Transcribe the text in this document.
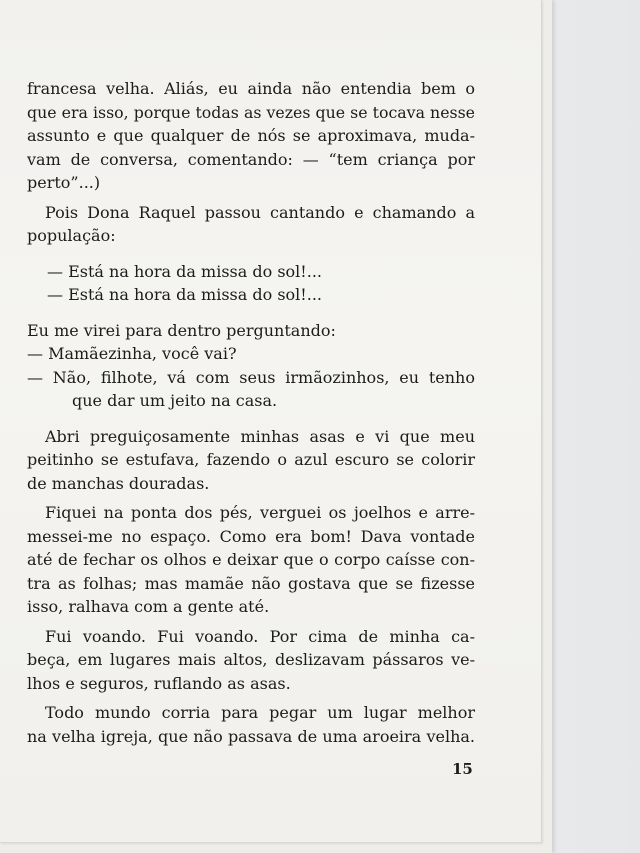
francesa velha. Aliás, eu ainda não entendia bem o
que era isso, porque todas as vezes que se tocava nesse
assunto e que qualquer de nós se aproximava, muda-
vam de conversa, comentando: — “tem criança por
perto”...)
Pois Dona Raquel passou cantando e chamando a
população:
— Está na hora da missa do sol!...
— Está na hora da missa do sol!...
Eu me virei para dentro perguntando:
— Mamãezinha, você vai?
— Não, filhote, vá com seus irmãozinhos, eu tenho
que dar um jeito na casa.
Abri preguiçosamente minhas asas e vi que meu
peitinho se estufava, fazendo o azul escuro se colorir
de manchas douradas.
Fiquei na ponta dos pés, verguei os joelhos e arre-
messei-me no espaço. Como era bom! Dava vontade
até de fechar os olhos e deixar que o corpo caísse con-
tra as folhas; mas mamãe não gostava que se fizesse
isso, ralhava com a gente até.
Fui voando. Fui voando. Por cima de minha ca-
beça, em lugares mais altos, deslizavam pássaros ve-
lhos e seguros, ruflando as asas.
Todo mundo corria para pegar um lugar melhor
na velha igreja, que não passava de uma aroeira velha.
15
